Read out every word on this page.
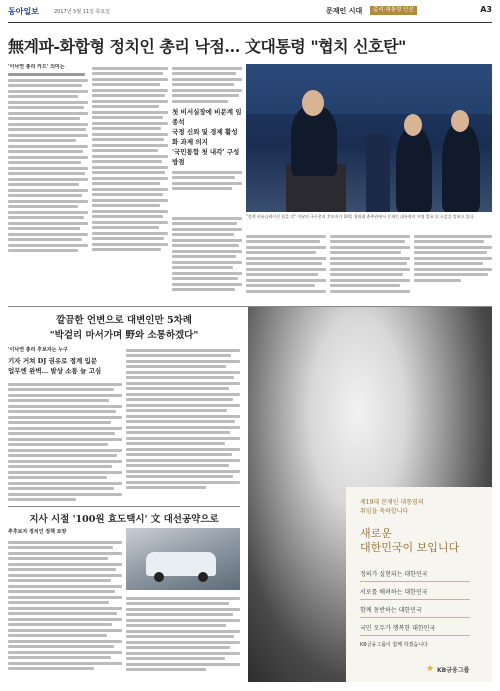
동아일보	2017년 5월 11일 목요일	문재인 시대	총리·대통령 인선	A3
無계파-화합형 정치인 총리 낙점… 文대통령 "협치 신호탄"
'이낙연 총리 카드' 의미는
첫 비서실장에 비문계 임종석
국정 신뢰 및 경제 활성화 과제 의지
'국민통합 첫 내각' 구성 방점
"정책 커뮤니케이션 힘쓸 것" 이낙연 국무총리 후보자가 10일 청와대 춘추관에서 문재인 대통령의 지명 발표 뒤 소감을 말하고 있다.
깔끔한 언변으로 대변인만 5차례
"박겉리 마서가며 野와 소통하겠다"
'이낙연 총리 후보자는 누구
기자 거쳐 DJ 권유로 정계 입문
업무엔 완벽… 발상 소통 늘 고심
지사 시절 '100원 효도택시' 文 대선공약으로
추후보자 정치인 정책 토양
제19대 문재인 대통령의
취임을 축하합니다
새로운
대한민국이 보입니다
정의가 실현되는 대한민국
서로를 배려하는 대한민국
함께 동반하는 대한민국
국민 모두가 행복한 대한민국
KB금융그룹이 함께 하겠습니다
★ KB금융그룹
